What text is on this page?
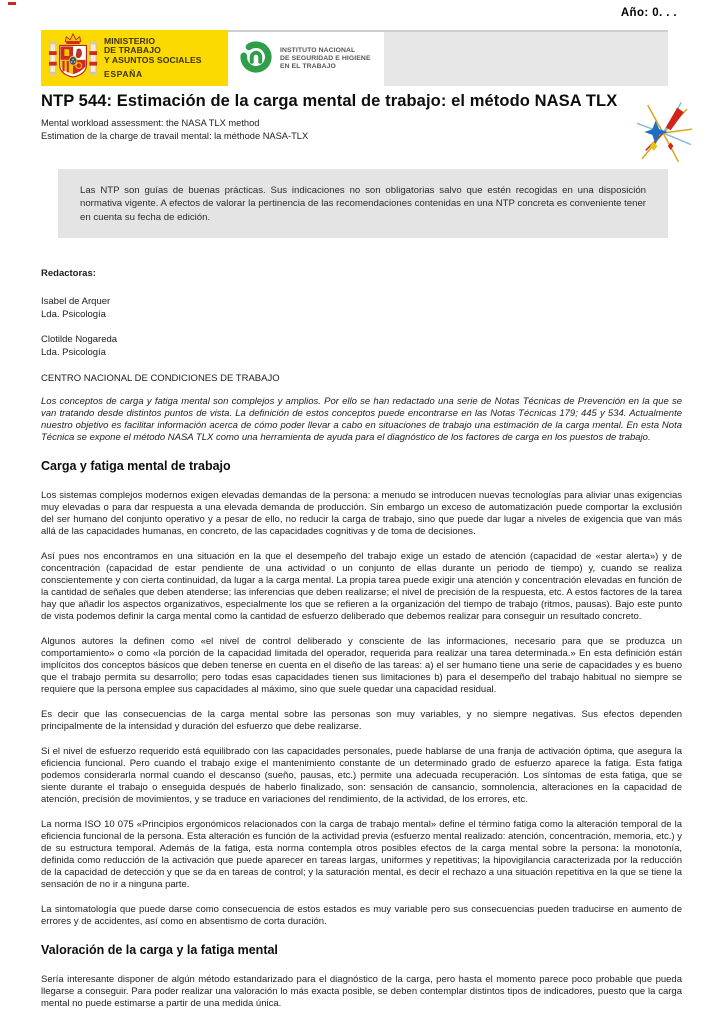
Año: 0. . .
MINISTERIO
DE TRABAJO
Y ASUNTOS SOCIALES
ESPAÑA
INSTITUTO NACIONAL
DE SEGURIDAD E HIGIENE
EN EL TRABAJO
NTP 544: Estimación de la carga mental de trabajo: el método NASA TLX
Mental workload assessment: the NASA TLX method
Estimation de la charge de travail mental: la méthode NASA-TLX
Las NTP son guías de buenas prácticas. Sus indicaciones no son obligatorias salvo que estén recogidas en una disposición normativa vigente. A efectos de valorar la pertinencia de las recomendaciones contenidas en una NTP concreta es conveniente tener en cuenta su fecha de edición.
Redactoras:
Isabel de Arquer
Lda. Psicología
Clotilde Nogareda
Lda. Psicología
CENTRO NACIONAL DE CONDICIONES DE TRABAJO

Los conceptos de carga y fatiga mental son complejos y amplios. Por ello se han redactado una serie de Notas Técnicas de Prevención en la que se van tratando desde distintos puntos de vista. La definición de estos conceptos puede encontrarse en las Notas Técnicas 179; 445 y 534. Actualmente nuestro objetivo es facilitar información acerca de cómo poder llevar a cabo en situaciones de trabajo una estimación de la carga mental. En esta Nota Técnica se expone el método NASA TLX como una herramienta de ayuda para el diagnóstico de los factores de carga en los puestos de trabajo.

Carga y fatiga mental de trabajo

Los sistemas complejos modernos exigen elevadas demandas de la persona: a menudo se introducen nuevas tecnologías para aliviar unas exigencias muy elevadas o para dar respuesta a una elevada demanda de producción. Sin embargo un exceso de automatización puede comportar la exclusión del ser humano del conjunto operativo y a pesar de ello, no reducir la carga de trabajo, sino que puede dar lugar a niveles de exigencia que van más allá de las capacidades humanas, en concreto, de las capacidades cognitivas y de toma de decisiones.

Así pues nos encontramos en una situación en la que el desempeño del trabajo exige un estado de atención (capacidad de «estar alerta») y de concentración (capacidad de estar pendiente de una actividad o un conjunto de ellas durante un periodo de tiempo) y, cuando se realiza conscientemente y con cierta continuidad, da lugar a la carga mental. La propia tarea puede exigir una atención y concentración elevadas en función de la cantidad de señales que deben atenderse; las inferencias que deben realizarse; el nivel de precisión de la respuesta, etc. A estos factores de la tarea hay que añadir los aspectos organizativos, especialmente los que se refieren a la organización del tiempo de trabajo (ritmos, pausas). Bajo este punto de vista podemos definir la carga mental como la cantidad de esfuerzo deliberado que debemos realizar para conseguir un resultado concreto.

Algunos autores la definen como «el nivel de control deliberado y consciente de las informaciones, necesario para que se produzca un comportamiento» o como «la porción de la capacidad limitada del operador, requerida para realizar una tarea determinada.» En esta definición están implícitos dos conceptos básicos que deben tenerse en cuenta en el diseño de las tareas: a) el ser humano tiene una serie de capacidades y es bueno que el trabajo permita su desarrollo; pero todas esas capacidades tienen sus limitaciones b) para el desempeño del trabajo habitual no siempre se requiere que la persona emplee sus capacidades al máximo, sino que suele quedar una capacidad residual.

Es decir que las consecuencias de la carga mental sobre las personas son muy variables, y no siempre negativas. Sus efectos dependen principalmente de la intensidad y duración del esfuerzo que debe realizarse.

Si el nivel de esfuerzo requerido está equilibrado con las capacidades personales, puede hablarse de una franja de activación óptima, que asegura la eficiencia funcional. Pero cuando el trabajo exige el mantenimiento constante de un determinado grado de esfuerzo aparece la fatiga. Esta fatiga podemos considerarla normal cuando el descanso (sueño, pausas, etc.) permite una adecuada recuperación. Los síntomas de esta fatiga, que se siente durante el trabajo o enseguida después de haberlo finalizado, son: sensación de cansancio, somnolencia, alteraciones en la capacidad de atención, precisión de movimientos, y se traduce en variaciones del rendimiento, de la actividad, de los errores, etc.

La norma ISO 10 075 «Principios ergonómicos relacionados con la carga de trabajo mental» define el término fatiga como la alteración temporal de la eficiencia funcional de la persona. Esta alteración es función de la actividad previa (esfuerzo mental realizado: atención, concentración, memoria, etc.) y de su estructura temporal. Además de la fatiga, esta norma contempla otros posibles efectos de la carga mental sobre la persona: la monotonía, definida como reducción de la activación que puede aparecer en tareas largas, uniformes y repetitivas; la hipovigilancia caracterizada por la reducción de la capacidad de detección y que se da en tareas de control; y la saturación mental, es decir el rechazo a una situación repetitiva en la que se tiene la sensación de no ir a ninguna parte.

La sintomatología que puede darse como consecuencia de estos estados es muy variable pero sus consecuencias pueden traducirse en aumento de errores y de accidentes, así como en absentismo de corta duración.

Valoración de la carga y la fatiga mental

Sería interesante disponer de algún método estandarizado para el diagnóstico de la carga, pero hasta el momento parece poco probable que pueda llegarse a conseguir. Para poder realizar una valoración lo más exacta posible, se deben contemplar distintos tipos de indicadores, puesto que la carga mental no puede estimarse a partir de una medida única.
